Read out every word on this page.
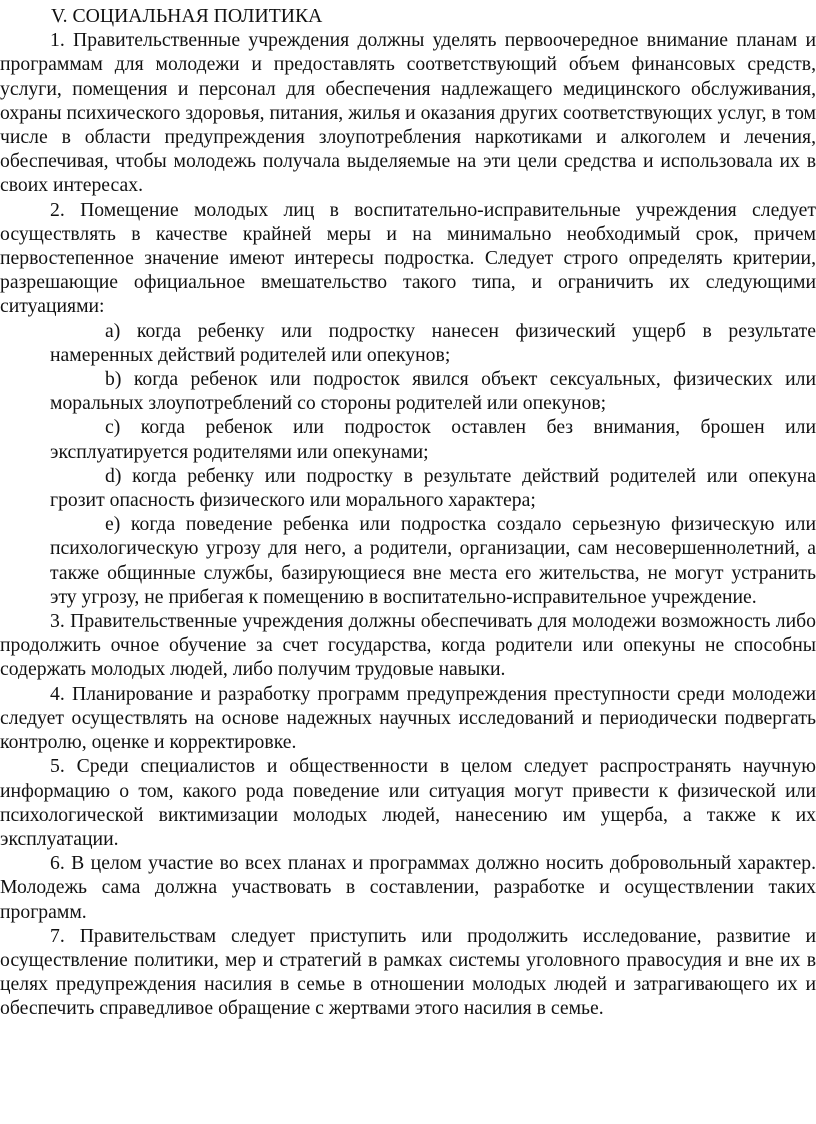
V. СОЦИАЛЬНАЯ ПОЛИТИКА

1. Правительственные учреждения должны уделять первоочередное внимание планам и программам для молодежи и предоставлять соответствующий объем финансовых средств, услуги, помещения и персонал для обеспечения надлежащего медицинского обслуживания, охраны психического здоровья, питания, жилья и оказания других соответствующих услуг, в том числе в области предупреждения злоупотребления наркотиками и алкоголем и лечения, обеспечивая, чтобы молодежь получала выделяемые на эти цели средства и использовала их в своих интересах.

2. Помещение молодых лиц в воспитательно-исправительные учреждения следует осуществлять в качестве крайней меры и на минимально необходимый срок, причем первостепенное значение имеют интересы подростка. Следует строго определять критерии, разрешающие официальное вмешательство такого типа, и ограничить их следующими ситуациями:

a) когда ребенку или подростку нанесен физический ущерб в результате намеренных действий родителей или опекунов;

b) когда ребенок или подросток явился объект сексуальных, физических или моральных злоупотреблений со стороны родителей или опекунов;

c) когда ребенок или подросток оставлен без внимания, брошен или эксплуатируется родителями или опекунами;

d) когда ребенку или подростку в результате действий родителей или опекуна грозит опасность физического или морального характера;

e) когда поведение ребенка или подростка создало серьезную физическую или психологическую угрозу для него, а родители, организации, сам несовершеннолетний, а также общинные службы, базирующиеся вне места его жительства, не могут устранить эту угрозу, не прибегая к помещению в воспитательно-исправительное учреждение.

3. Правительственные учреждения должны обеспечивать для молодежи возможность либо продолжить очное обучение за счет государства, когда родители или опекуны не способны содержать молодых людей, либо получим трудовые навыки.

4. Планирование и разработку программ предупреждения преступности среди молодежи следует осуществлять на основе надежных научных исследований и периодически подвергать контролю, оценке и корректировке.

5. Среди специалистов и общественности в целом следует распространять научную информацию о том, какого рода поведение или ситуация могут привести к физической или психологической виктимизации молодых людей, нанесению им ущерба, а также к их эксплуатации.

6. В целом участие во всех планах и программах должно носить добровольный характер. Молодежь сама должна участвовать в составлении, разработке и осуществлении таких программ.

7. Правительствам следует приступить или продолжить исследование, развитие и осуществление политики, мер и стратегий в рамках системы уголовного правосудия и вне их в целях предупреждения насилия в семье в отношении молодых людей и затрагивающего их и обеспечить справедливое обращение с жертвами этого насилия в семье.
